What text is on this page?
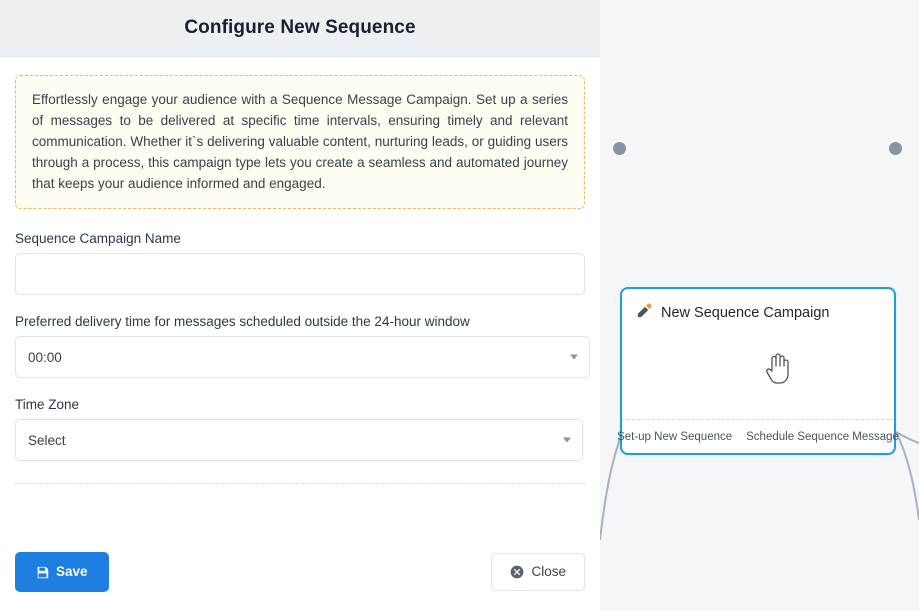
Configure New Sequence

Effortlessly engage your audience with a Sequence Message Campaign. Set up a series of messages to be delivered at specific time intervals, ensuring timely and relevant communication. Whether it`s delivering valuable content, nurturing leads, or guiding users through a process, this campaign type lets you create a seamless and automated journey that keeps your audience informed and engaged.

Sequence Campaign Name
Preferred delivery time for messages scheduled outside the 24-hour window
00:00
Time Zone
Select
Save	Close
New Sequence Campaign
Set-up New Sequence Schedule Sequence Message
